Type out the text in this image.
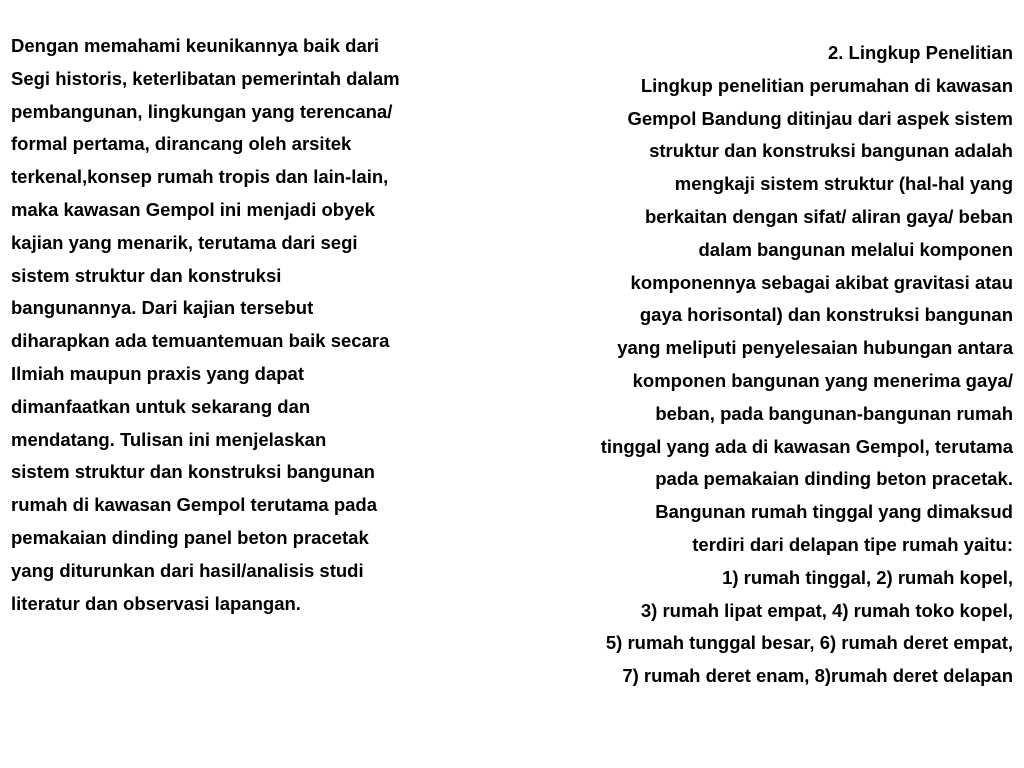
Dengan memahami keunikannya baik dari
Segi historis, keterlibatan pemerintah dalam
pembangunan, lingkungan yang terencana/
formal pertama, dirancang oleh arsitek
terkenal,konsep rumah tropis dan lain-lain,
maka kawasan Gempol ini menjadi obyek
kajian yang menarik, terutama dari segi
sistem struktur dan konstruksi
bangunannya. Dari kajian tersebut
diharapkan ada temuantemuan baik secara
Ilmiah maupun praxis yang dapat
dimanfaatkan untuk sekarang dan
mendatang. Tulisan ini menjelaskan
sistem struktur dan konstruksi bangunan
rumah di kawasan Gempol terutama pada
pemakaian dinding panel beton pracetak
yang diturunkan dari hasil/analisis studi
literatur dan observasi lapangan.
2. Lingkup Penelitian
Lingkup penelitian perumahan di kawasan
Gempol Bandung ditinjau dari aspek sistem
struktur dan konstruksi bangunan adalah
mengkaji sistem struktur (hal-hal yang
berkaitan dengan sifat/ aliran gaya/ beban
dalam bangunan melalui komponen
komponennya sebagai akibat gravitasi atau
gaya horisontal) dan konstruksi bangunan
yang meliputi penyelesaian hubungan antara
komponen bangunan yang menerima gaya/
beban, pada bangunan-bangunan rumah
tinggal yang ada di kawasan Gempol, terutama
pada pemakaian dinding beton pracetak.
Bangunan rumah tinggal yang dimaksud
terdiri dari delapan tipe rumah yaitu:
1) rumah tinggal, 2) rumah kopel,
3) rumah lipat empat, 4) rumah toko kopel,
5) rumah tunggal besar, 6) rumah deret empat,
7) rumah deret enam, 8)rumah deret delapan
